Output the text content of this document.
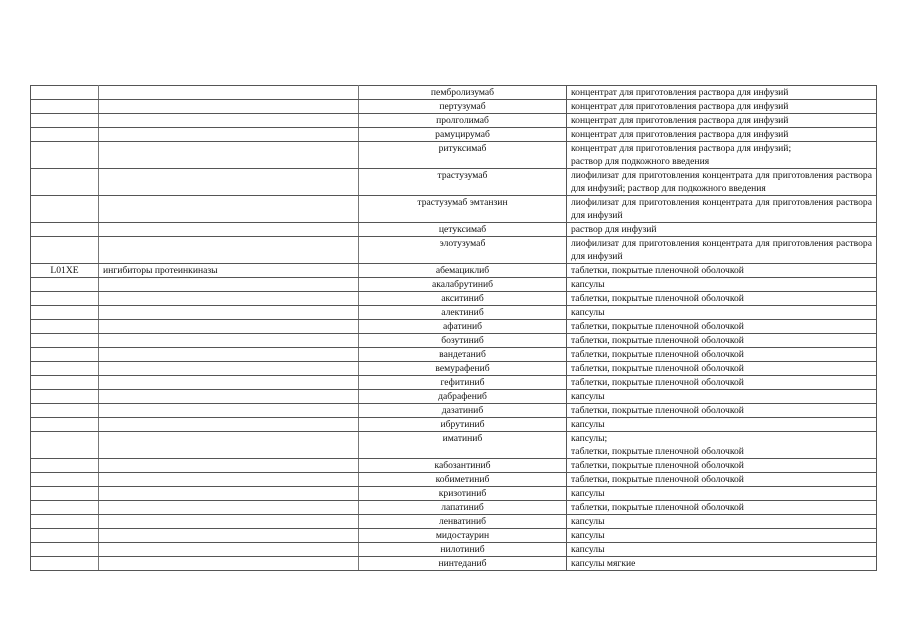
		пембролизумаб	концентрат для приготовления раствора для инфузий
		пертузумаб	концентрат для приготовления раствора для инфузий
		пролголимаб	концентрат для приготовления раствора для инфузий
		рамуцирумаб	концентрат для приготовления раствора для инфузий
		ритуксимаб	концентрат для приготовления раствора для инфузий;
раствор для подкожного введения

		трастузумаб	лиофилизат для приготовления концентрата для приготовления раствора для инфузий; раствор для подкожного введения
		трастузумаб эмтанзин	лиофилизат для приготовления концентрата для приготовления раствора для инфузий
		цетуксимаб	раствор для инфузий
		элотузумаб	лиофилизат для приготовления концентрата для приготовления раствора для инфузий
L01XE	ингибиторы протеинкиназы	абемациклиб	таблетки, покрытые пленочной оболочкой
		акалабрутиниб	капсулы
		акситиниб	таблетки, покрытые пленочной оболочкой
		алектиниб	капсулы
		афатиниб	таблетки, покрытые пленочной оболочкой
		бозутиниб	таблетки, покрытые пленочной оболочкой
		вандетаниб	таблетки, покрытые пленочной оболочкой
		вемурафениб	таблетки, покрытые пленочной оболочкой
		гефитиниб	таблетки, покрытые пленочной оболочкой
		дабрафениб	капсулы
		дазатиниб	таблетки, покрытые пленочной оболочкой
		ибрутиниб	капсулы
		иматиниб	капсулы;
таблетки, покрытые пленочной оболочкой

		кабозантиниб	таблетки, покрытые пленочной оболочкой
		кобиметиниб	таблетки, покрытые пленочной оболочкой
		кризотиниб	капсулы
		лапатиниб	таблетки, покрытые пленочной оболочкой
		ленватиниб	капсулы
		мидостаурин	капсулы
		нилотиниб	капсулы
		нинтеданиб	капсулы мягкие
